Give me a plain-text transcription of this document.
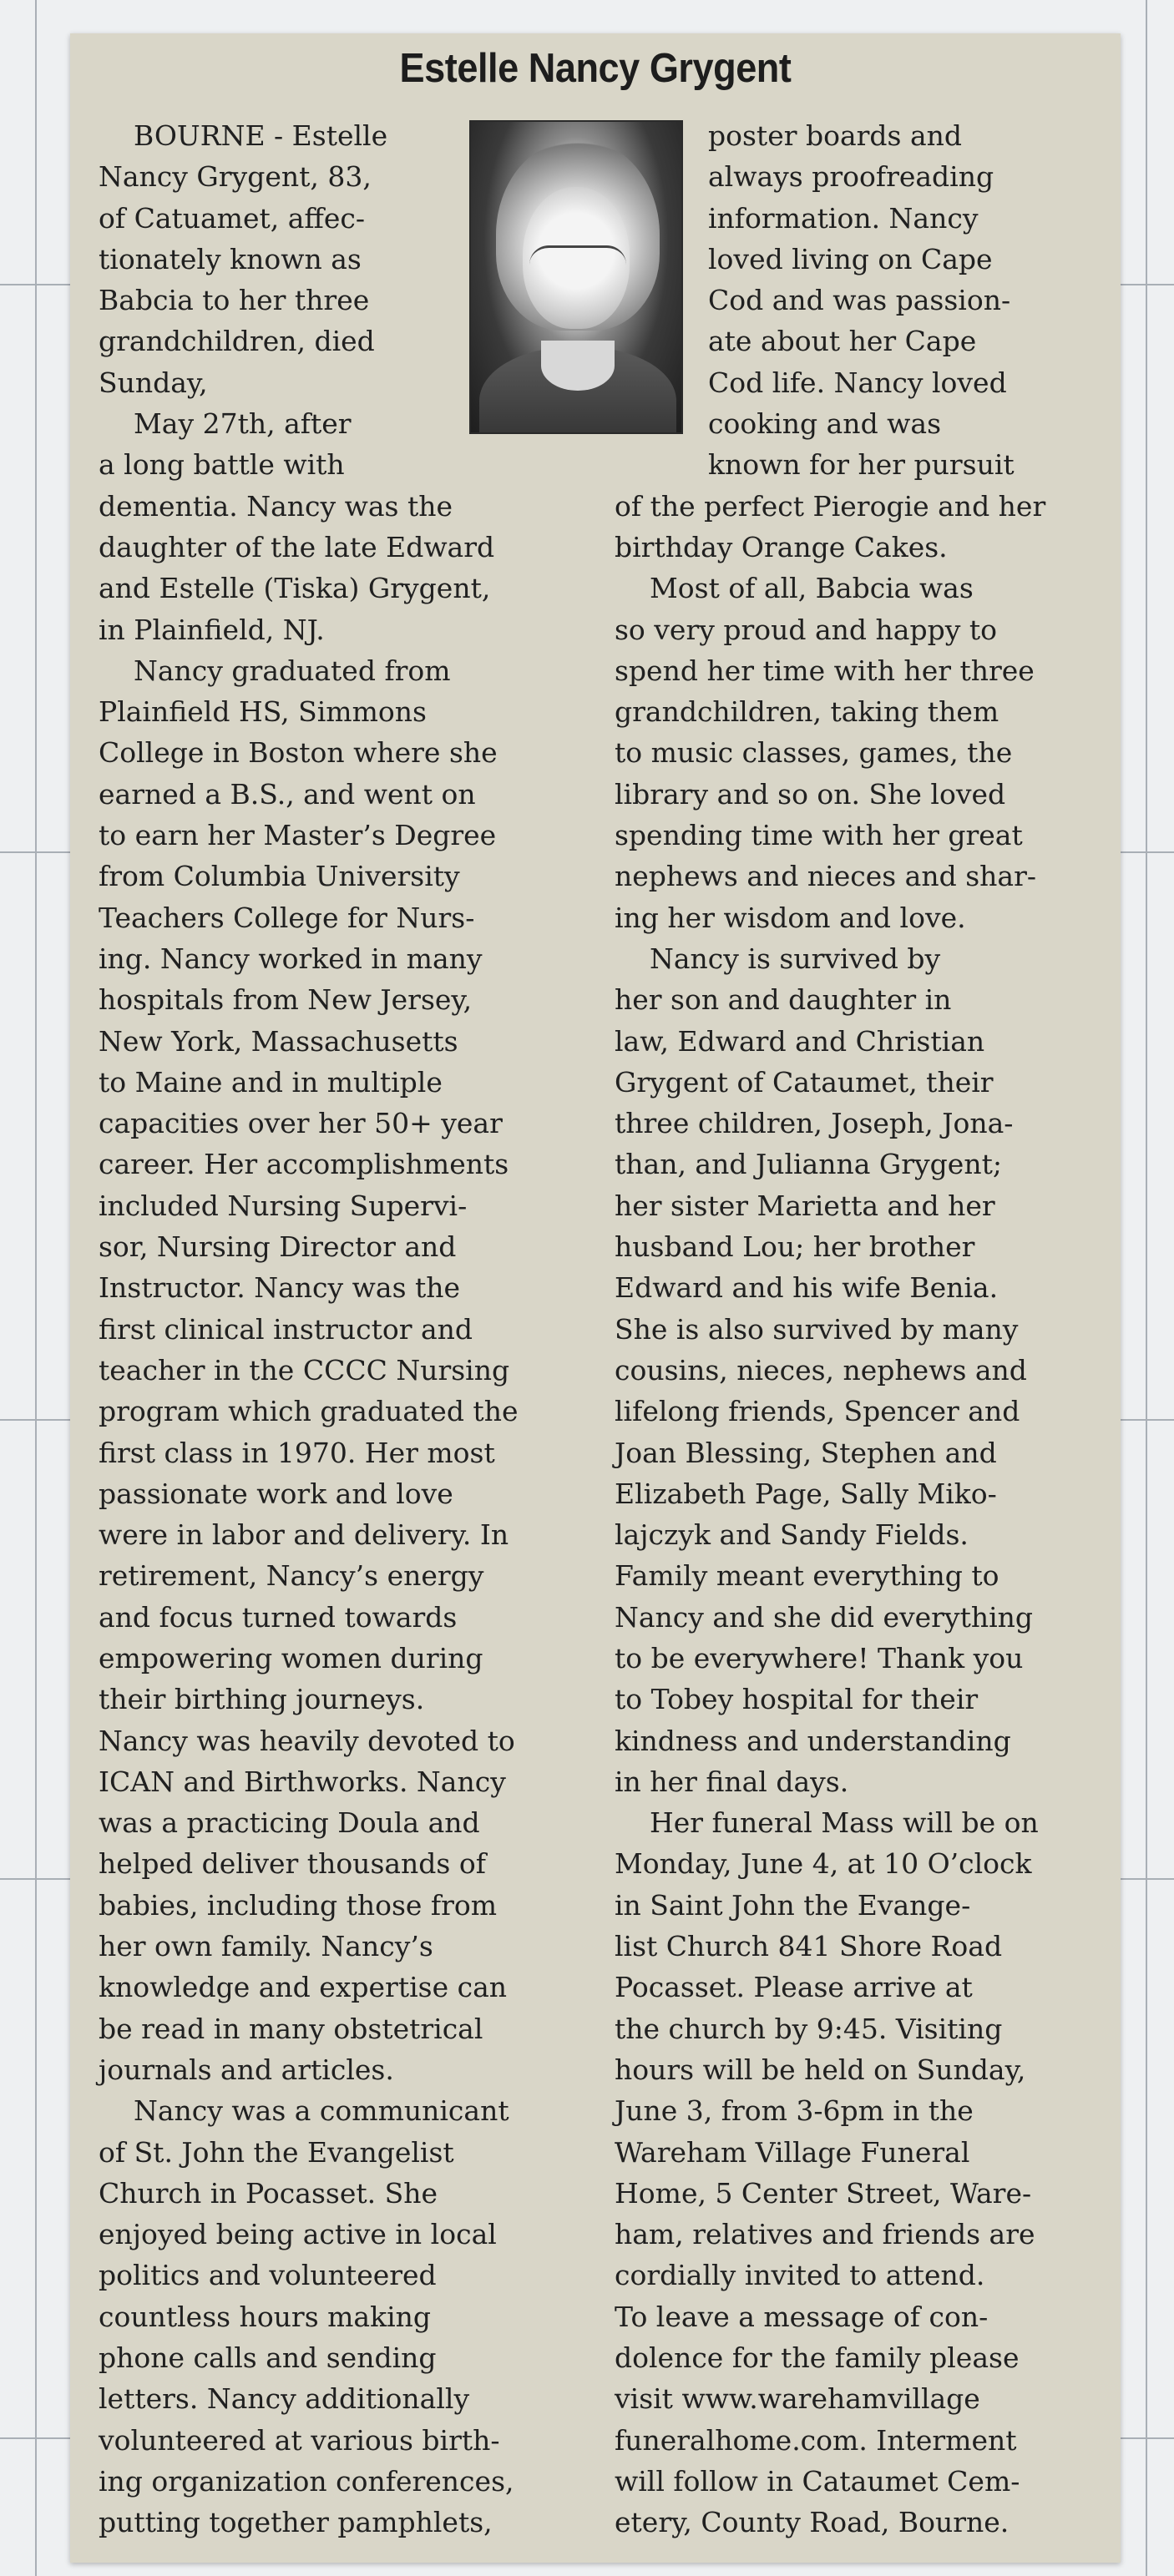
Estelle Nancy Grygent
BOURNE - Estelle
Nancy Grygent, 83,
of Catuamet, affec-
tionately known as
Babcia to her three
grandchildren, died
Sunday,
May 27th, after
a long battle with
dementia. Nancy was the
daughter of the late Edward
and Estelle (Tiska) Grygent,
in Plainfield, NJ.
Nancy graduated from
Plainfield HS, Simmons
College in Boston where she
earned a B.S., and went on
to earn her Master’s Degree
from Columbia University
Teachers College for Nurs-
ing. Nancy worked in many
hospitals from New Jersey,
New York, Massachusetts
to Maine and in multiple
capacities over her 50+ year
career. Her accomplishments
included Nursing Supervi-
sor, Nursing Director and
Instructor. Nancy was the
first clinical instructor and
teacher in the CCCC Nursing
program which graduated the
first class in 1970. Her most
passionate work and love
were in labor and delivery. In
retirement, Nancy’s energy
and focus turned towards
empowering women during
their birthing journeys.
Nancy was heavily devoted to
ICAN and Birthworks. Nancy
was a practicing Doula and
helped deliver thousands of
babies, including those from
her own family. Nancy’s
knowledge and expertise can
be read in many obstetrical
journals and articles.
Nancy was a communicant
of St. John the Evangelist
Church in Pocasset. She
enjoyed being active in local
politics and volunteered
countless hours making
phone calls and sending
letters. Nancy additionally
volunteered at various birth-
ing organization conferences,
putting together pamphlets,
poster boards and
always proofreading
information. Nancy
loved living on Cape
Cod and was passion-
ate about her Cape
Cod life. Nancy loved
cooking and was
known for her pursuit
of the perfect Pierogie and her
birthday Orange Cakes.
Most of all, Babcia was
so very proud and happy to
spend her time with her three
grandchildren, taking them
to music classes, games, the
library and so on. She loved
spending time with her great
nephews and nieces and shar-
ing her wisdom and love.
Nancy is survived by
her son and daughter in
law, Edward and Christian
Grygent of Cataumet, their
three children, Joseph, Jona-
than, and Julianna Grygent;
her sister Marietta and her
husband Lou; her brother
Edward and his wife Benia.
She is also survived by many
cousins, nieces, nephews and
lifelong friends, Spencer and
Joan Blessing, Stephen and
Elizabeth Page, Sally Miko-
lajczyk and Sandy Fields.
Family meant everything to
Nancy and she did everything
to be everywhere! Thank you
to Tobey hospital for their
kindness and understanding
in her final days.
Her funeral Mass will be on
Monday, June 4, at 10 O’clock
in Saint John the Evange-
list Church 841 Shore Road
Pocasset. Please arrive at
the church by 9:45. Visiting
hours will be held on Sunday,
June 3, from 3-6pm in the
Wareham Village Funeral
Home, 5 Center Street, Ware-
ham, relatives and friends are
cordially invited to attend.
To leave a message of con-
dolence for the family please
visit www.warehamvillage
funeralhome.com. Interment
will follow in Cataumet Cem-
etery, County Road, Bourne.
